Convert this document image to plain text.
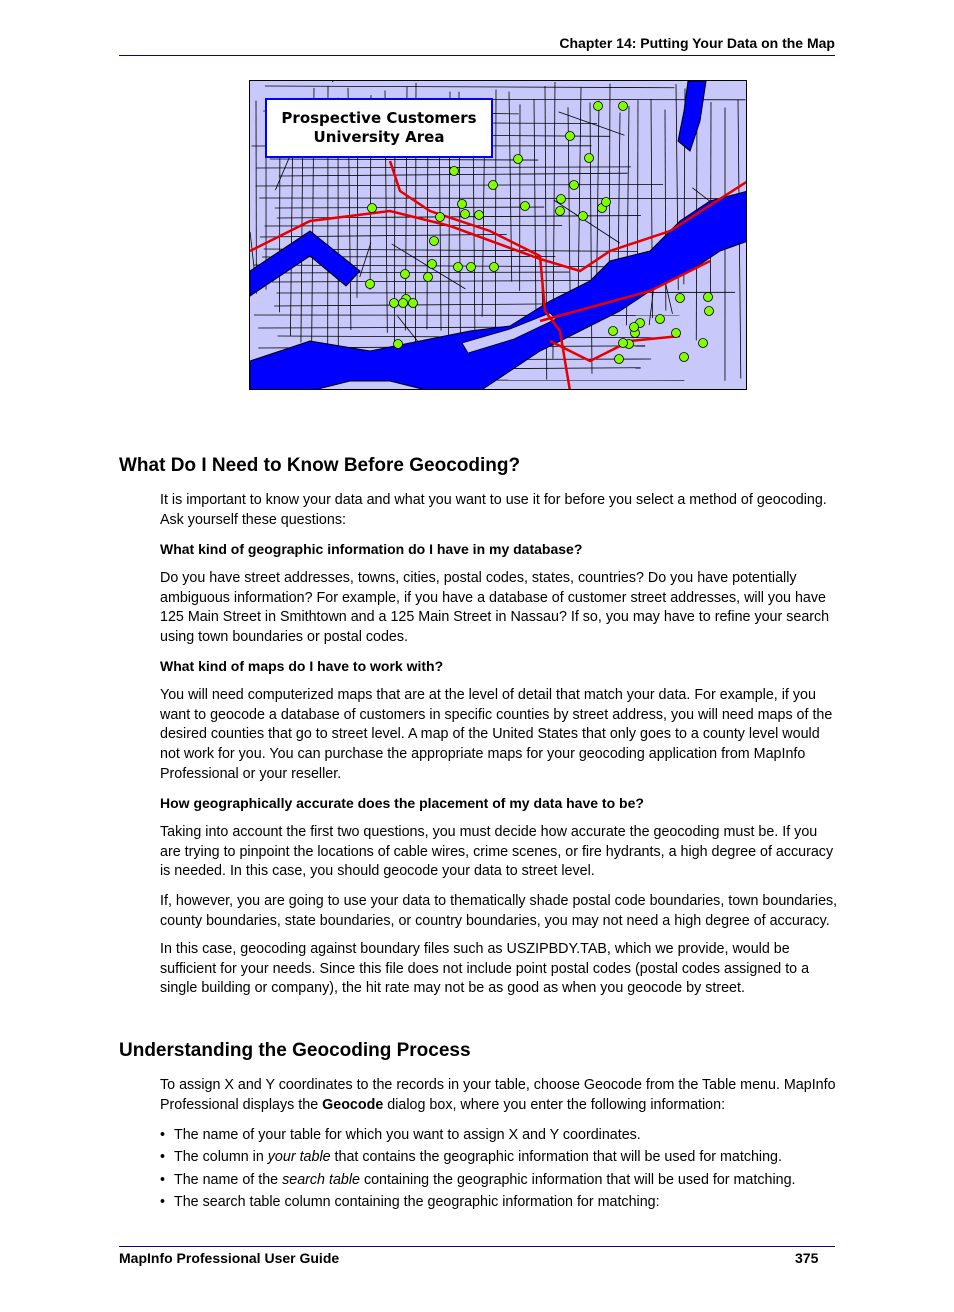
Chapter 14: Putting Your Data on the Map
Prospective Customers
University Area
What Do I Need to Know Before Geocoding?

It is important to know your data and what you want to use it for before you select a method of geocoding. Ask yourself these questions:

What kind of geographic information do I have in my database?

Do you have street addresses, towns, cities, postal codes, states, countries? Do you have potentially ambiguous information? For example, if you have a database of customer street addresses, will you have 125 Main Street in Smithtown and a 125 Main Street in Nassau? If so, you may have to refine your search using town boundaries or postal codes.

What kind of maps do I have to work with?

You will need computerized maps that are at the level of detail that match your data. For example, if you want to geocode a database of customers in specific counties by street address, you will need maps of the desired counties that go to street level. A map of the United States that only goes to a county level would not work for you. You can purchase the appropriate maps for your geocoding application from MapInfo Professional or your reseller.

How geographically accurate does the placement of my data have to be?

Taking into account the first two questions, you must decide how accurate the geocoding must be. If you are trying to pinpoint the locations of cable wires, crime scenes, or fire hydrants, a high degree of accuracy is needed. In this case, you should geocode your data to street level.

If, however, you are going to use your data to thematically shade postal code boundaries, town boundaries, county boundaries, state boundaries, or country boundaries, you may not need a high degree of accuracy.

In this case, geocoding against boundary files such as USZIPBDY.TAB, which we provide, would be sufficient for your needs. Since this file does not include point postal codes (postal codes assigned to a single building or company), the hit rate may not be as good as when you geocode by street.

Understanding the Geocoding Process

To assign X and Y coordinates to the records in your table, choose Geocode from the Table menu. MapInfo Professional displays the Geocode dialog box, where you enter the following information:

• The name of your table for which you want to assign X and Y coordinates.
• The column in your table that contains the geographic information that will be used for matching.
• The name of the search table containing the geographic information that will be used for matching.
• The search table column containing the geographic information for matching:
MapInfo Professional User Guide	375
